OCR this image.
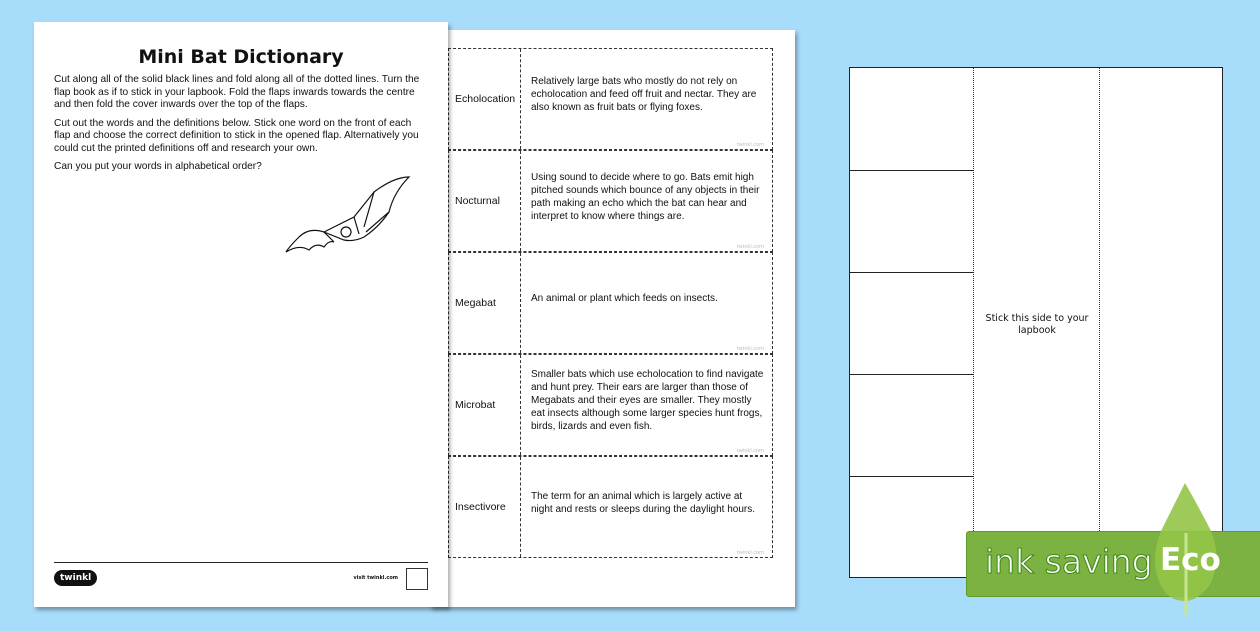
Echolocation
Relatively large bats who mostly do not rely on echolocation and feed off fruit and nectar. They are also known as fruit bats or flying foxes.
twinkl.com
Nocturnal
Using sound to decide where to go. Bats emit high pitched sounds which bounce of any objects in their path making an echo which the bat can hear and interpret to know where things are.
twinkl.com
Megabat	An animal or plant which feeds on insects.
twinkl.com
Microbat
Smaller bats which use echolocation to find navigate and hunt prey. Their ears are larger than those of Megabats and their eyes are smaller. They mostly eat insects although some larger species hunt frogs, birds, lizards and even fish.
twinkl.com
Insectivore
The term for an animal which is largely active at night and rests or sleeps during the daylight hours.
twinkl.com
Mini Bat Dictionary

Cut along all of the solid black lines and fold along all of the dotted lines. Turn the flap book as if to stick in your lapbook. Fold the flaps inwards towards the centre and then fold the cover inwards over the top of the flaps.

Cut out the words and the definitions below. Stick one word on the front of each flap and choose the correct definition to stick in the opened flap. Alternatively you could cut the printed definitions off and research your own.

Can you put your words in alphabetical order?

twinkl	visit twinkl.com
Stick this side to your lapbook
ink saving Eco
